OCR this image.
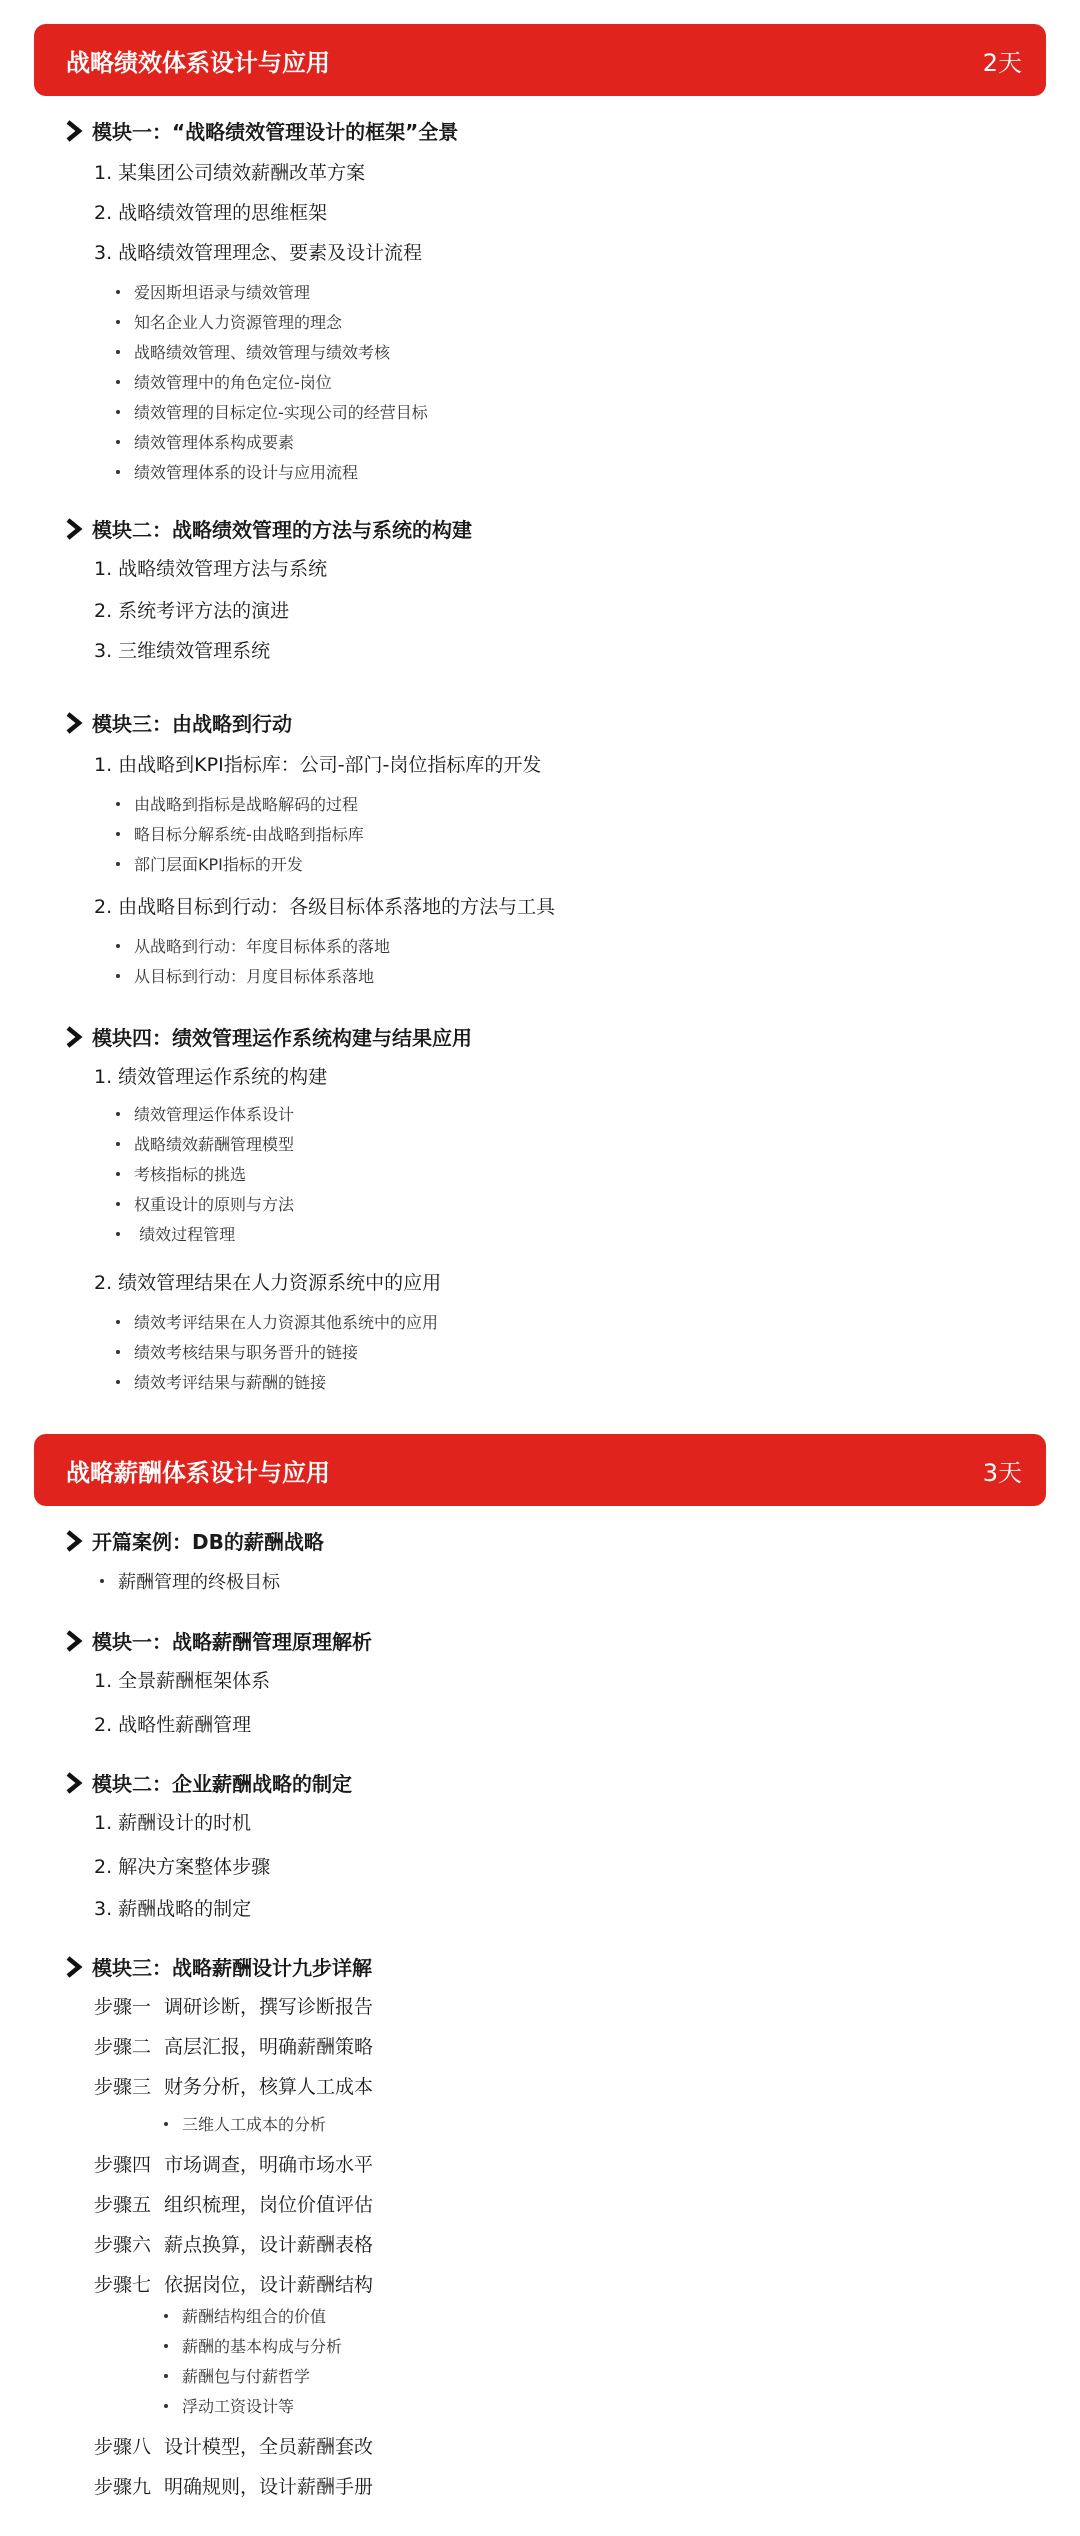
战略绩效体系设计与应用	2天
模块一：“战略绩效管理设计的框架”全景
1. 某集团公司绩效薪酬改革方案
2. 战略绩效管理的思维框架
3. 战略绩效管理理念、要素及设计流程
爱因斯坦语录与绩效管理
知名企业人力资源管理的理念
战略绩效管理、绩效管理与绩效考核
绩效管理中的角色定位-岗位
绩效管理的目标定位-实现公司的经营目标
绩效管理体系构成要素
绩效管理体系的设计与应用流程
模块二：战略绩效管理的方法与系统的构建
1. 战略绩效管理方法与系统
2. 系统考评方法的演进
3. 三维绩效管理系统
模块三：由战略到行动
1. 由战略到KPI指标库：公司-部门-岗位指标库的开发
由战略到指标是战略解码的过程
略目标分解系统-由战略到指标库
部门层面KPI指标的开发
2. 由战略目标到行动：各级目标体系落地的方法与工具
从战略到行动：年度目标体系的落地
从目标到行动：月度目标体系落地
模块四：绩效管理运作系统构建与结果应用
1. 绩效管理运作系统的构建
绩效管理运作体系设计
战略绩效薪酬管理模型
考核指标的挑选
权重设计的原则与方法
绩效过程管理
2. 绩效管理结果在人力资源系统中的应用
绩效考评结果在人力资源其他系统中的应用
绩效考核结果与职务晋升的链接
绩效考评结果与薪酬的链接
战略薪酬体系设计与应用	3天
开篇案例：DB的薪酬战略
薪酬管理的终极目标
模块一：战略薪酬管理原理解析
1. 全景薪酬框架体系
2. 战略性薪酬管理
模块二：企业薪酬战略的制定
1. 薪酬设计的时机
2. 解决方案整体步骤
3. 薪酬战略的制定
模块三：战略薪酬设计九步详解
步骤一 调研诊断，撰写诊断报告
步骤二 高层汇报，明确薪酬策略
步骤三 财务分析，核算人工成本
三维人工成本的分析
步骤四 市场调查，明确市场水平
步骤五 组织梳理，岗位价值评估
步骤六 薪点换算，设计薪酬表格
步骤七 依据岗位，设计薪酬结构
薪酬结构组合的价值
薪酬的基本构成与分析
薪酬包与付薪哲学
浮动工资设计等
步骤八 设计模型，全员薪酬套改
步骤九 明确规则，设计薪酬手册
